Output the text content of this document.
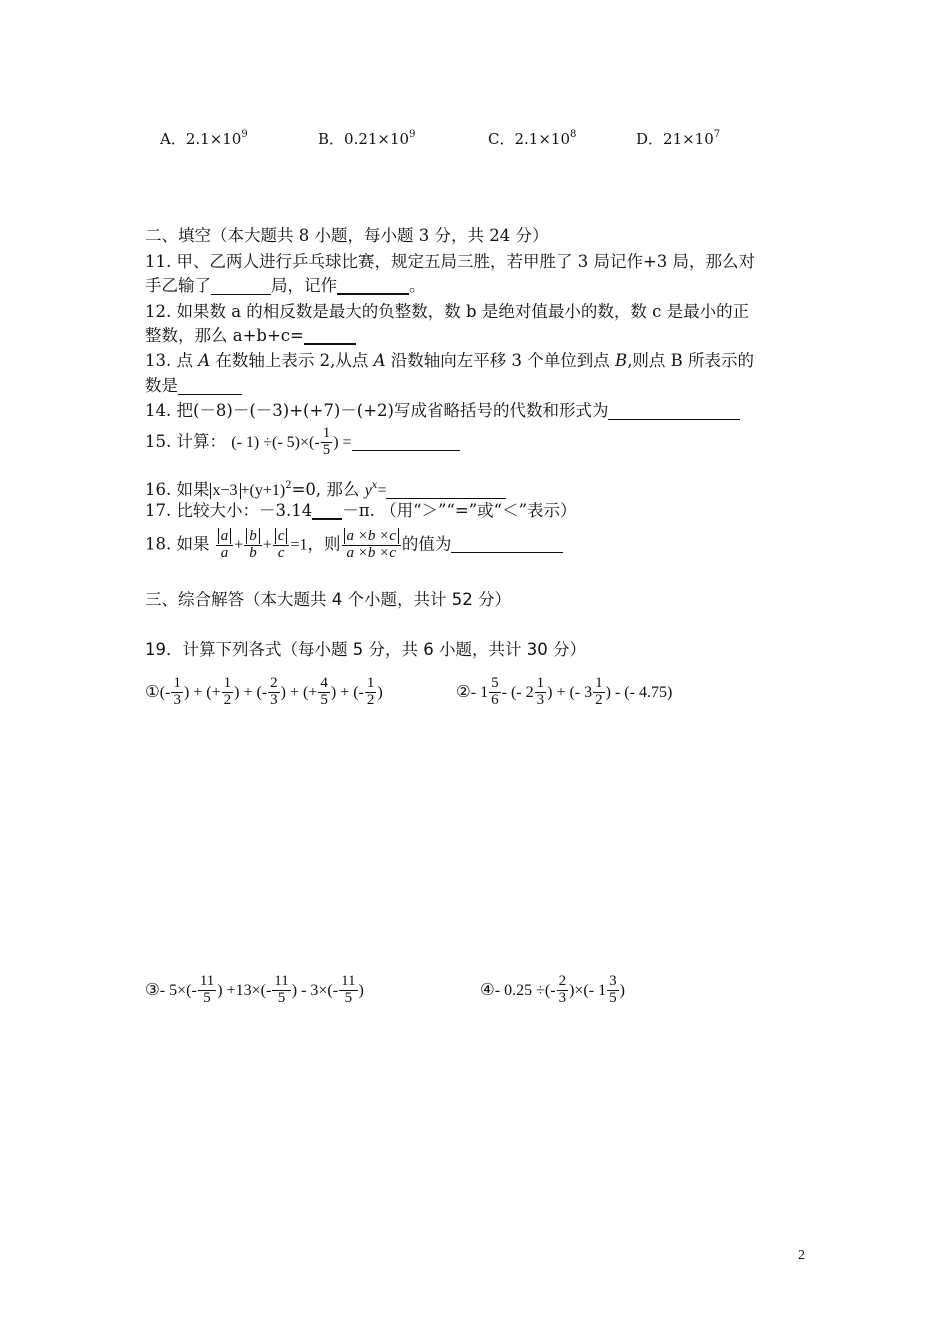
A．$2.1\times 10^9$	B．$0.21\times 10^9$	C．$2.1\times 10^8$	D．$21\times 10^7$
二、填空（本大题共 8 小题，每小题 3 分，共 24 分）
11. 甲、乙两人进行乒乓球比赛，规定五局三胜，若甲胜了 3 局记作+3 局，那么对
手乙输了	局，记作	。
12. 如果数 a 的相反数是最大的负整数，数 b 是绝对值最小的数，数 c 是最小的正
整数，那么 a+b+c=
13. 点 A 在数轴上表示 2,从点 A 沿数轴向左平移 3 个单位到点 B,则点 B 所表示的
数是
14. 把(－8)－(－3)+(+7)－(+2)写成省略括号的代数和形式为
15. 计算： (- 1) ÷(- $5)\times(- \frac{1}{5}$ ) =
16. 如果 $x-3 +(y+1)^2=0$, 那么 $y^x=$
17. 比较大小：－3.14 －π. （用“＞”“=”或“＜”表示）
18. 如果 $\frac{a}{a} + \frac{b}{b} + \frac{c}{c} =1$，则 $\frac{a \times b \times c}{a \times b \times c}$ 的值为
三、综合解答（本大题共 4 个小题，共计 52 分）
19．计算下列各式（每小题 5 分，共 6 小题，共计 30 分）
①(- $\frac{1}{3}$ ) + (+ $\frac{1}{2}$ ) + (- $\frac{2}{3}$ ) + (+ $\frac{4}{5}$ ) + (- $\frac{1}{2}$ )	②- $1 \frac{5}{6}$ - (- $2 \frac{1}{3}$ ) + (- $3 \frac{1}{2}$ ) - (- 4.75)
③- $5\times(- \frac{11}{5}$ ) $+13\times(- \frac{11}{5}$ ) - $3\times(- \frac{11}{5}$ )	④- 0.25 ÷(- $\frac{2}{3}$ )×(- $1 \frac{3}{5}$ )
2
